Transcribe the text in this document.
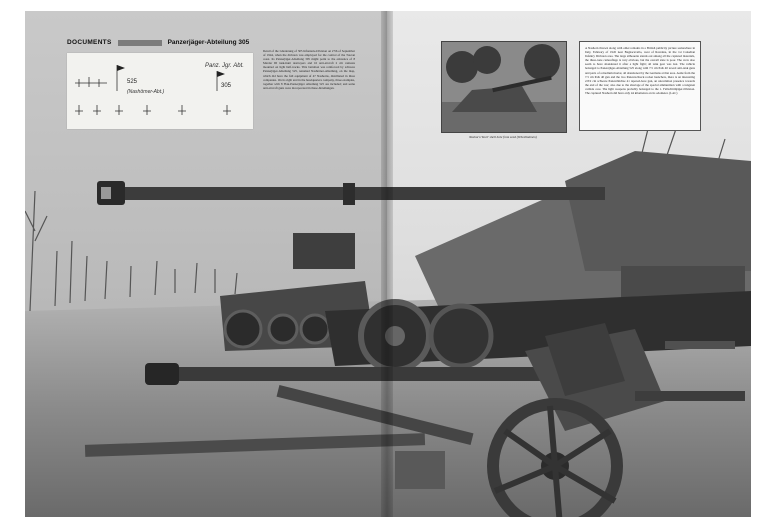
DOCUMENTS	Panzerjäger-Abteilung 305
525
(Nashörner-Abt.)
305
Panz. Jgr. Abt.
Detail of the Gliederung of 305 Infanterie-Division on 27th of September of 1944, when the division was employed for the control of the Tuscan coast. Its Panzerjäger-Abteilung 305 might point to the existence of 8 Marder III tank-hunt destroyers and 16 anti-aircraft 2 cm cannons mounted on light half-tracks. This battalion was reinforced by schwere Panzerjäger-Abteilung 525, renamed Nashörner-Abteilung, on the map, which did have the full equipment of 47 Nashorns, distributed in three companies. On its right and in the headquarters company, three examples, together with 8 Flak-Panzerjäger Abteilung 525 are included; and some anti-aircraft guns were incorporated in these Abteilungen.
Nashorn 'Kurt' shell hole from seed (Wheelbahnen)
A Nashorn thrown along with other remains in a British publicity picture somewhere in Italy, February of 1945 near Bagnacavallo, west of Ravenna, in the 1st Canadian Infantry Division area. The large silhouette stands out among all the captured materiels, the three-tone camouflage is very obvious, but the overall state is poor. The crew also seem to have abandoned it after a light fight; all tank gear was lost. The vehicle belonged to Panzerjäger-Abteilung 525 along with 7.5 cm PaK 40 towed anti-tank guns and parts of a medium mortar, all abandoned by the Germans at that area. Aside from the 7.5 cm PaK 40 gun and the two Panzerschreck rocket launchers, there is an interesting 2.8/2 cm schwere Panzerbüchse 41 tapered-bore gun, an uncommon presence towards the end of the war; also due to the shortage of the special ammunition with a tungsten carbide core. The light weapons probably belonged to the 1. Fallschirmjäger-Division. The captured Nashorn did have only 44 kilometres on its odometer. (LAC)
